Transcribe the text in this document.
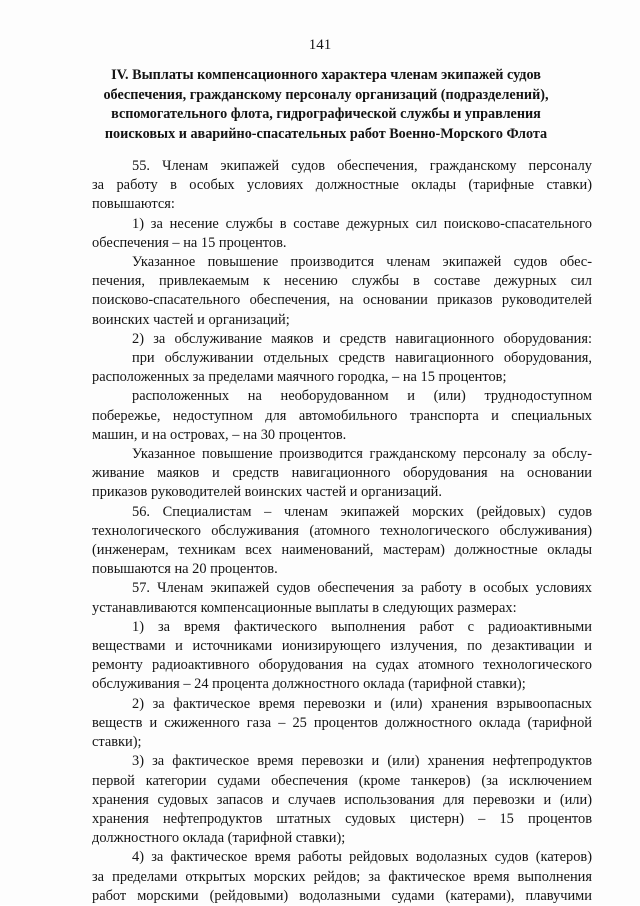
141
IV. Выплаты компенсационного характера членам экипажей судов
обеспечения, гражданскому персоналу организаций (подразделений),
вспомогательного флота, гидрографической службы и управления
поисковых и аварийно-спасательных работ Военно-Морского Флота

55. Членам экипажей судов обеспечения, гражданскому персоналу

за работу в особых условиях должностные оклады (тарифные ставки)

повышаются:

1) за несение службы в составе дежурных сил поисково-спасательного

обеспечения – на 15 процентов.

Указанное повышение производится членам экипажей судов обес-

печения, привлекаемым к несению службы в составе дежурных сил

поисково-спасательного обеспечения, на основании приказов руководителей

воинских частей и организаций;

2) за обслуживание маяков и средств навигационного оборудования:

при обслуживании отдельных средств навигационного оборудования,

расположенных за пределами маячного городка, – на 15 процентов;

расположенных на необорудованном и (или) труднодоступном

побережье, недоступном для автомобильного транспорта и специальных

машин, и на островах, – на 30 процентов.

Указанное повышение производится гражданскому персоналу за обслу-

живание маяков и средств навигационного оборудования на основании

приказов руководителей воинских частей и организаций.

56. Специалистам – членам экипажей морских (рейдовых) судов

технологического обслуживания (атомного технологического обслуживания)

(инженерам, техникам всех наименований, мастерам) должностные оклады

повышаются на 20 процентов.

57. Членам экипажей судов обеспечения за работу в особых условиях

устанавливаются компенсационные выплаты в следующих размерах:

1) за время фактического выполнения работ с радиоактивными

веществами и источниками ионизирующего излучения, по дезактивации и

ремонту радиоактивного оборудования на судах атомного технологического

обслуживания – 24 процента должностного оклада (тарифной ставки);

2) за фактическое время перевозки и (или) хранения взрывоопасных

веществ и сжиженного газа – 25 процентов должностного оклада (тарифной

ставки);

3) за фактическое время перевозки и (или) хранения нефтепродуктов

первой категории судами обеспечения (кроме танкеров) (за исключением

хранения судовых запасов и случаев использования для перевозки и (или)

хранения нефтепродуктов штатных судовых цистерн) – 15 процентов

должностного оклада (тарифной ставки);

4) за фактическое время работы рейдовых водолазных судов (катеров)

за пределами открытых морских рейдов; за фактическое время выполнения

работ морскими (рейдовыми) водолазными судами (катерами), плавучими
